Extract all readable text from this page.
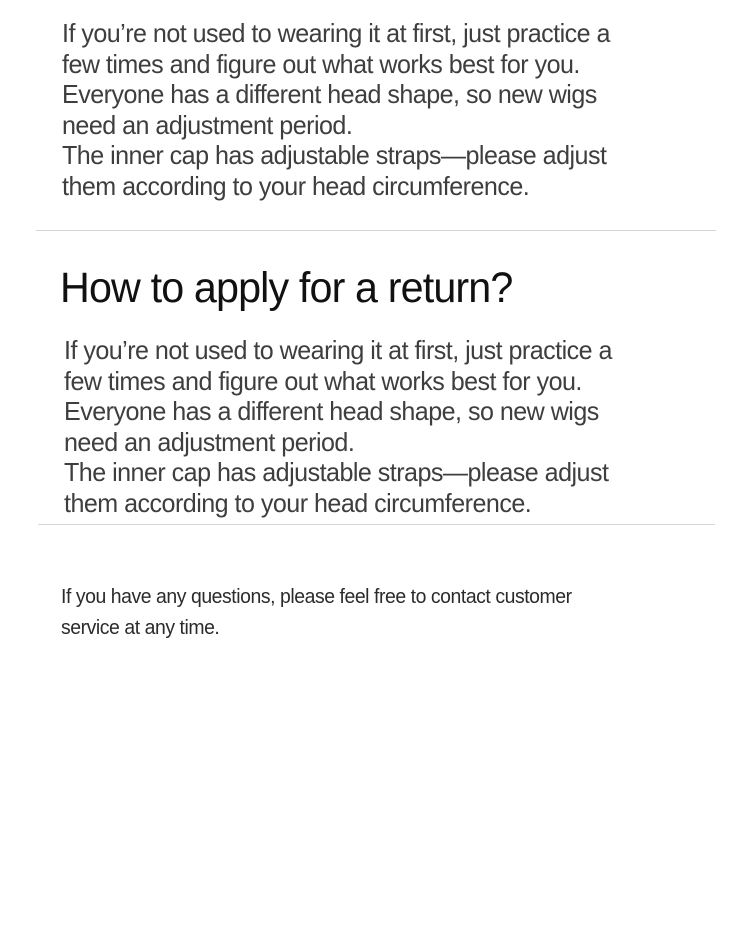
If you’re not used to wearing it at first, just practice a
few times and figure out what works best for you.
Everyone has a different head shape, so new wigs
need an adjustment period.
The inner cap has adjustable straps—please adjust
them according to your head circumference.
How to apply for a return?
If you’re not used to wearing it at first, just practice a
few times and figure out what works best for you.
Everyone has a different head shape, so new wigs
need an adjustment period.
The inner cap has adjustable straps—please adjust
them according to your head circumference.
If you have any questions, please feel free to contact customer
service at any time.
